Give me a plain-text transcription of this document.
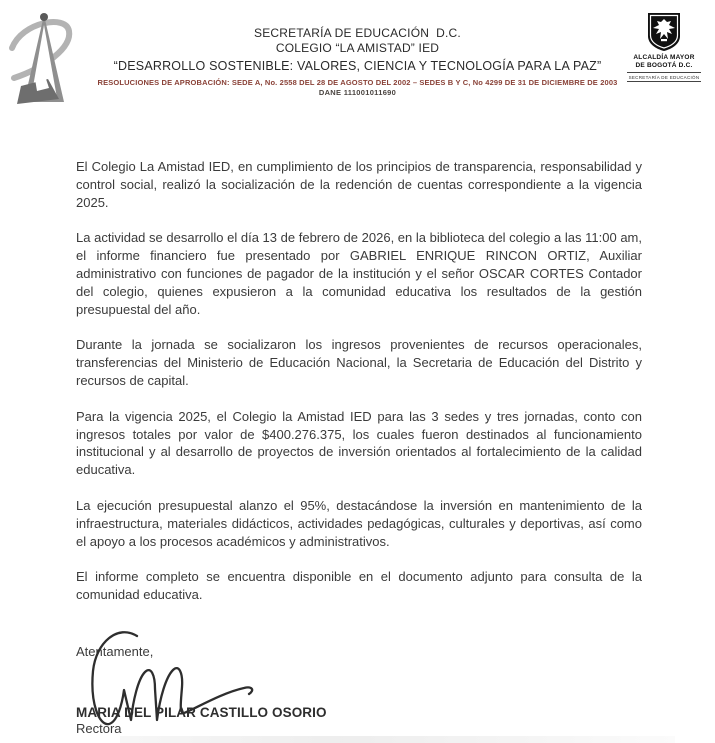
SECRETARÍA DE EDUCACIÓN  D.C.
COLEGIO “LA AMISTAD” IED
“DESARROLLO SOSTENIBLE: VALORES, CIENCIA Y TECNOLOGÍA PARA LA PAZ”
RESOLUCIONES DE APROBACIÓN: SEDE A, No. 2558 DEL 28 DE AGOSTO DEL 2002 – SEDES B Y C, No 4299 DE 31 DE DICIEMBRE DE 2003
DANE 111001011690
ALCALDÍA MAYOR
DE BOGOTÁ D.C.
SECRETARÍA DE EDUCACIÓN

El Colegio La Amistad IED, en cumplimiento de los principios de transparencia, responsabilidad y control social, realizó la socialización de la redención de cuentas correspondiente a la vigencia 2025.

La actividad se desarrollo el día 13 de febrero de 2026, en la biblioteca del colegio a las 11:00 am, el informe financiero fue presentado por GABRIEL ENRIQUE RINCON ORTIZ, Auxiliar administrativo con funciones de pagador de la institución y el señor OSCAR CORTES Contador del colegio, quienes expusieron a la comunidad educativa los resultados de la gestión presupuestal del año.

Durante la jornada se socializaron los ingresos provenientes de recursos operacionales, transferencias del Ministerio de Educación Nacional, la Secretaria de Educación del Distrito y recursos de capital.

Para la vigencia 2025, el Colegio la Amistad IED para las 3 sedes y tres jornadas, conto con ingresos totales por valor de $400.276.375, los cuales fueron destinados al funcionamiento institucional y al desarrollo de proyectos de inversión orientados al fortalecimiento de la calidad educativa.

La ejecución presupuestal alanzo el 95%, destacándose la inversión en mantenimiento de la infraestructura, materiales didácticos, actividades pedagógicas, culturales y deportivas, así como el apoyo a los procesos académicos y administrativos.

El informe completo se encuentra disponible en el documento adjunto para consulta de la comunidad educativa.

Atentamente,
MARIA DEL PILAR CASTILLO OSORIO
Rectora
